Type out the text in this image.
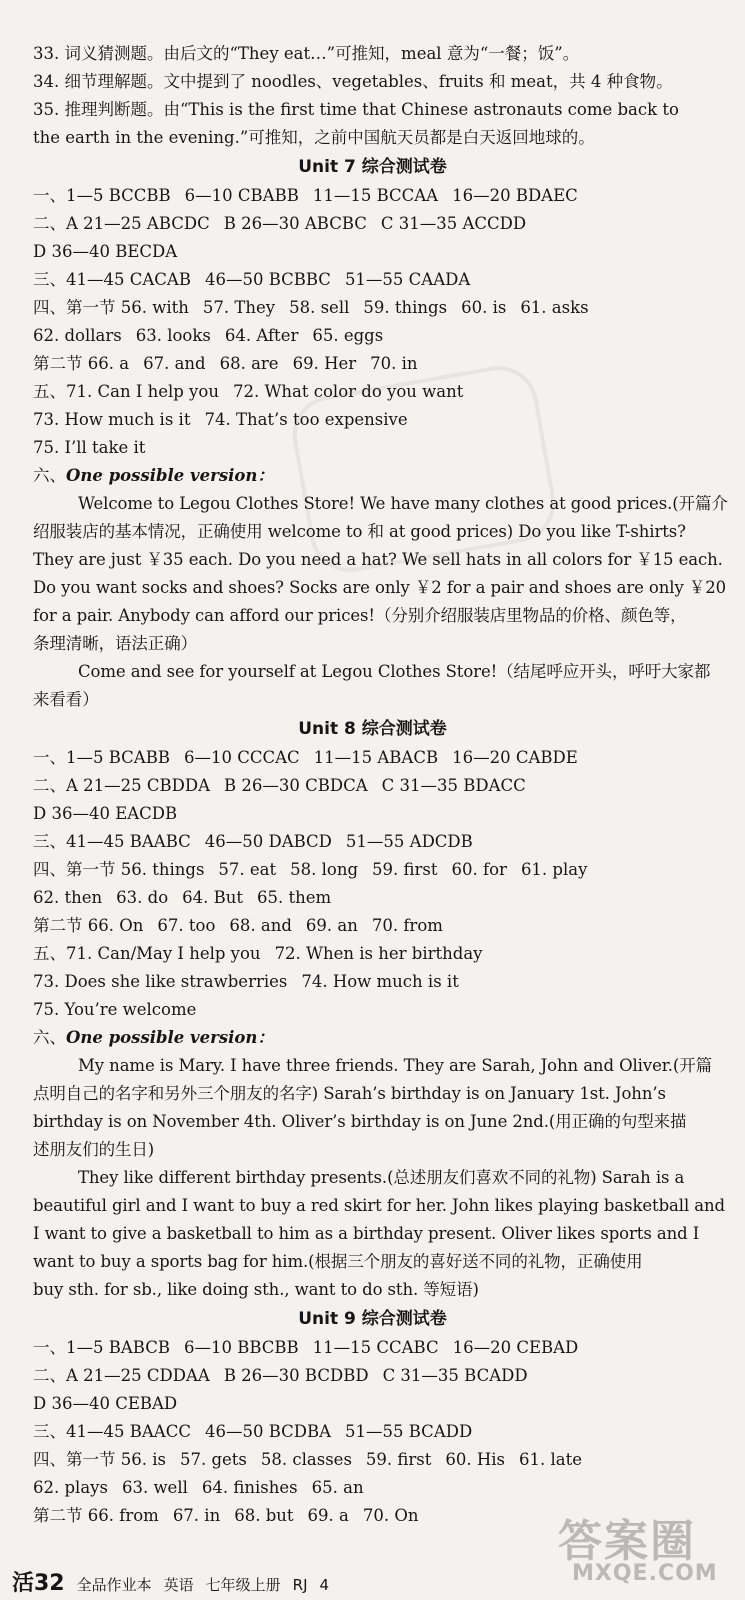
33. 词义猜测题。由后文的“They eat…”可推知，meal 意为“一餐；饭”。
34. 细节理解题。文中提到了 noodles、vegetables、fruits 和 meat，共 4 种食物。
35. 推理判断题。由“This is the first time that Chinese astronauts come back to
the earth in the evening.”可推知，之前中国航天员都是白天返回地球的。
Unit 7 综合测试卷
一、1—5 BCCBB 6—10 CBABB 11—15 BCCAA 16—20 BDAEC
二、A 21—25 ABCDC B 26—30 ABCBC C 31—35 ACCDD
D 36—40 BECDA
三、41—45 CACAB 46—50 BCBBC 51—55 CAADA
四、第一节 56. with 57. They 58. sell 59. things 60. is 61. asks
62. dollars 63. looks 64. After 65. eggs
第二节 66. a 67. and 68. are 69. Her 70. in
五、71. Can I help you 72. What color do you want
73. How much is it 74. That’s too expensive
75. I’ll take it
六、One possible version：
Welcome to Legou Clothes Store! We have many clothes at good prices.(开篇介
绍服装店的基本情况，正确使用 welcome to 和 at good prices) Do you like T-shirts?
They are just ￥35 each. Do you need a hat? We sell hats in all colors for ￥15 each.
Do you want socks and shoes? Socks are only ￥2 for a pair and shoes are only ￥20
for a pair. Anybody can afford our prices!（分别介绍服装店里物品的价格、颜色等，
条理清晰，语法正确）
Come and see for yourself at Legou Clothes Store!（结尾呼应开头，呼吁大家都
来看看）
Unit 8 综合测试卷
一、1—5 BCABB 6—10 CCCAC 11—15 ABACB 16—20 CABDE
二、A 21—25 CBDDA B 26—30 CBDCA C 31—35 BDACC
D 36—40 EACDB
三、41—45 BAABC 46—50 DABCD 51—55 ADCDB
四、第一节 56. things 57. eat 58. long 59. first 60. for 61. play
62. then 63. do 64. But 65. them
第二节 66. On 67. too 68. and 69. an 70. from
五、71. Can/May I help you 72. When is her birthday
73. Does she like strawberries 74. How much is it
75. You’re welcome
六、One possible version：
My name is Mary. I have three friends. They are Sarah, John and Oliver.(开篇
点明自己的名字和另外三个朋友的名字) Sarah’s birthday is on January 1st. John’s
birthday is on November 4th. Oliver’s birthday is on June 2nd.(用正确的句型来描
述朋友们的生日)
They like different birthday presents.(总述朋友们喜欢不同的礼物) Sarah is a
beautiful girl and I want to buy a red skirt for her. John likes playing basketball and
I want to give a basketball to him as a birthday present. Oliver likes sports and I
want to buy a sports bag for him.(根据三个朋友的喜好送不同的礼物，正确使用
buy sth. for sb., like doing sth., want to do sth. 等短语)
Unit 9 综合测试卷
一、1—5 BABCB 6—10 BBCBB 11—15 CCABC 16—20 CEBAD
二、A 21—25 CDDAA B 26—30 BCDBD C 31—35 BCADD
D 36—40 CEBAD
三、41—45 BAACC 46—50 BCDBA 51—55 BCADD
四、第一节 56. is 57. gets 58. classes 59. first 60. His 61. late
62. plays 63. well 64. finishes 65. an
第二节 66. from 67. in 68. but 69. a 70. On
答案圈
MXQE.COM
活32 全品作业本 英语 七年级上册 RJ 4
